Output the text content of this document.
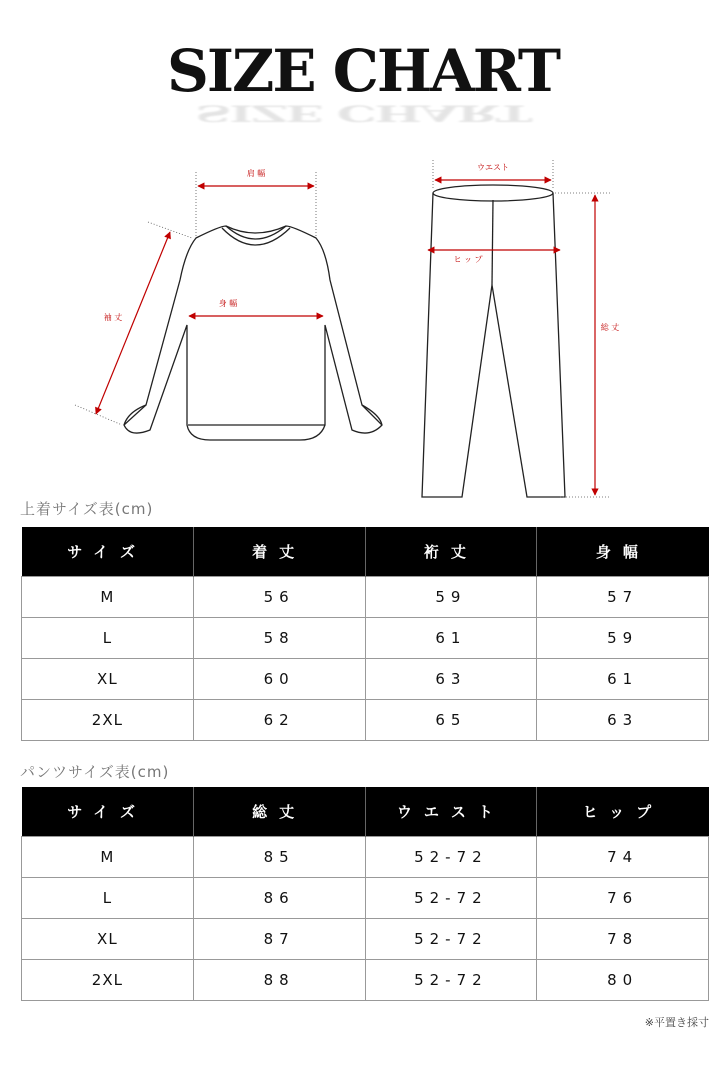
SIZE CHART
SIZE CHART
肩 幅
身 幅
袖 丈
ウエスト
ヒ ッ プ
総 丈
上着サイズ表(cm)
サイズ	着丈	裄丈	身幅
M	56	59	57
L	58	61	59
XL	60	63	61
2XL	62	65	63
パンツサイズ表(cm)
サイズ	総丈	ウエスト	ヒップ
M	85	52-72	74
L	86	52-72	76
XL	87	52-72	78
2XL	88	52-72	80
※平置き採寸
